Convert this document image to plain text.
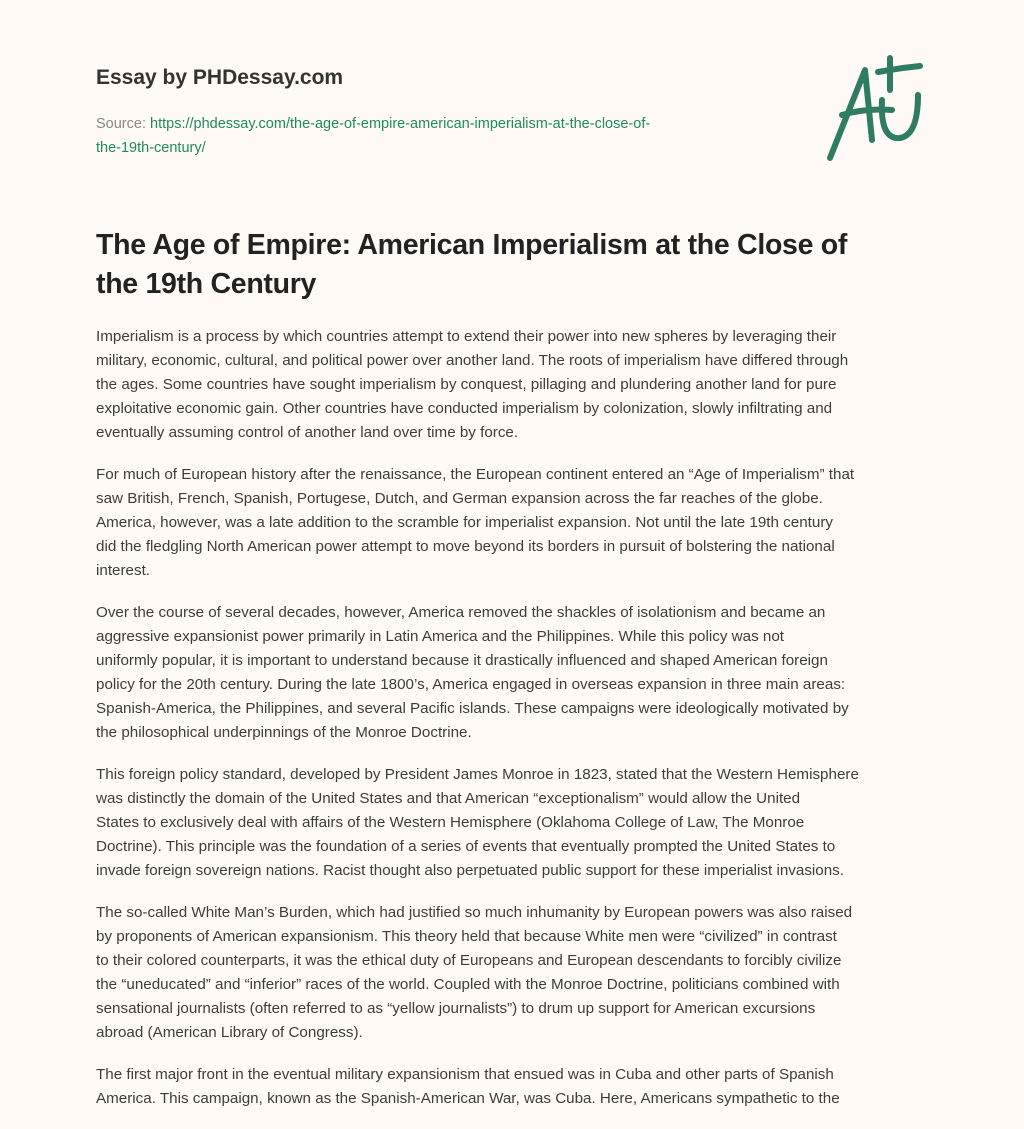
Essay by PHDessay.com
Source: https://phdessay.com/the-age-of-empire-american-imperialism-at-the-close-of-
the-19th-century/
The Age of Empire: American Imperialism at the Close of
the 19th Century

Imperialism is a process by which countries attempt to extend their power into new spheres by leveraging their
military, economic, cultural, and political power over another land. The roots of imperialism have differed through
the ages. Some countries have sought imperialism by conquest, pillaging and plundering another land for pure
exploitative economic gain. Other countries have conducted imperialism by colonization, slowly infiltrating and
eventually assuming control of another land over time by force.

For much of European history after the renaissance, the European continent entered an “Age of Imperialism” that
saw British, French, Spanish, Portugese, Dutch, and German expansion across the far reaches of the globe.
America, however, was a late addition to the scramble for imperialist expansion. Not until the late 19th century
did the fledgling North American power attempt to move beyond its borders in pursuit of bolstering the national
interest.

Over the course of several decades, however, America removed the shackles of isolationism and became an
aggressive expansionist power primarily in Latin America and the Philippines. While this policy was not
uniformly popular, it is important to understand because it drastically influenced and shaped American foreign
policy for the 20th century. During the late 1800’s, America engaged in overseas expansion in three main areas:
Spanish-America, the Philippines, and several Pacific islands. These campaigns were ideologically motivated by
the philosophical underpinnings of the Monroe Doctrine.

This foreign policy standard, developed by President James Monroe in 1823, stated that the Western Hemisphere
was distinctly the domain of the United States and that American “exceptionalism” would allow the United
States to exclusively deal with affairs of the Western Hemisphere (Oklahoma College of Law, The Monroe
Doctrine). This principle was the foundation of a series of events that eventually prompted the United States to
invade foreign sovereign nations. Racist thought also perpetuated public support for these imperialist invasions.

The so-called White Man’s Burden, which had justified so much inhumanity by European powers was also raised
by proponents of American expansionism. This theory held that because White men were “civilized” in contrast
to their colored counterparts, it was the ethical duty of Europeans and European descendants to forcibly civilize
the “uneducated” and “inferior” races of the world. Coupled with the Monroe Doctrine, politicians combined with
sensational journalists (often referred to as “yellow journalists”) to drum up support for American excursions
abroad (American Library of Congress).

The first major front in the eventual military expansionism that ensued was in Cuba and other parts of Spanish
America. This campaign, known as the Spanish-American War, was Cuba. Here, Americans sympathetic to the
